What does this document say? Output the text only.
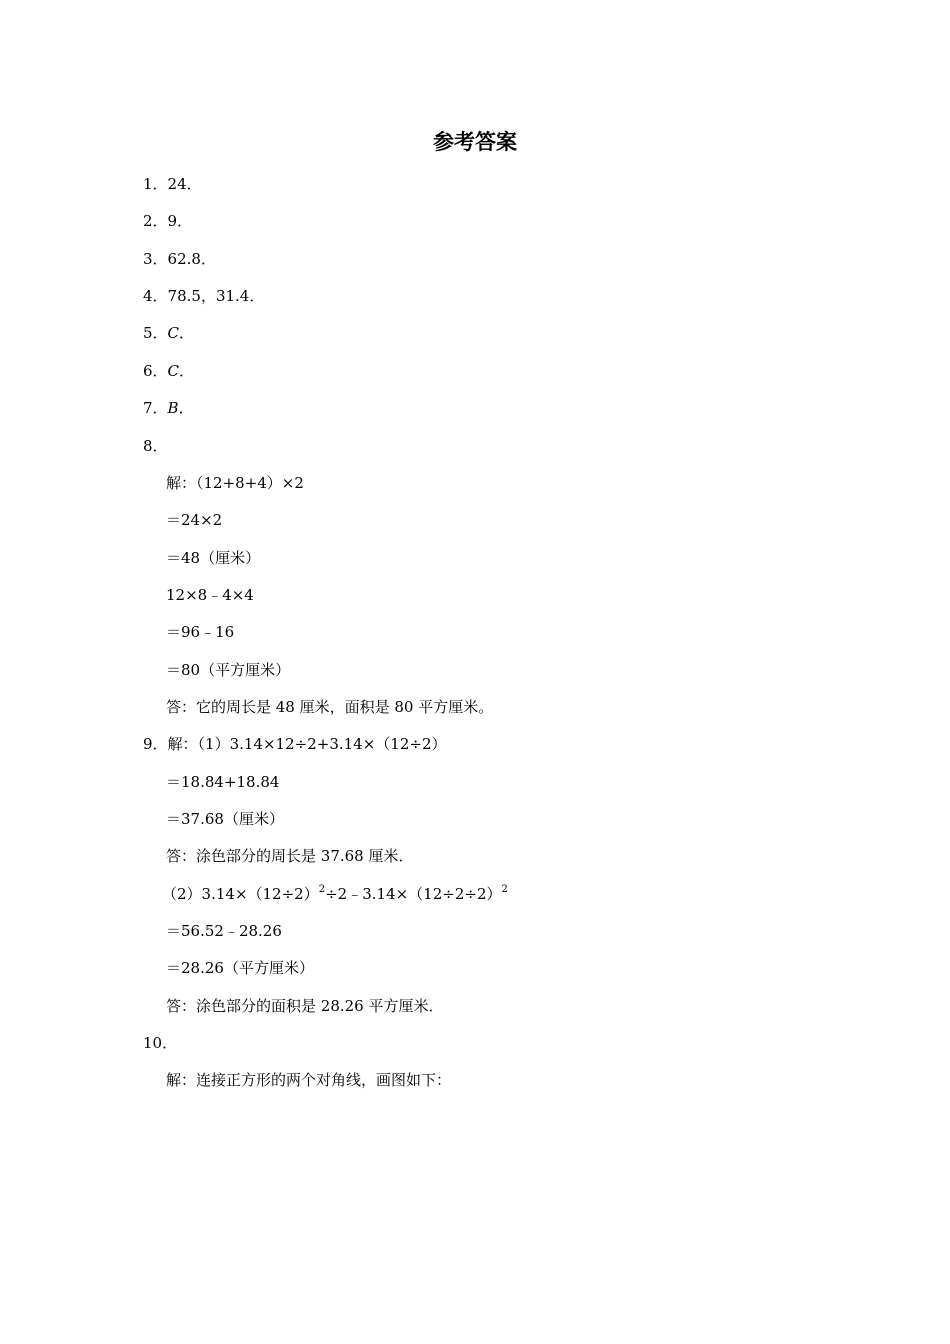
参考答案
1．24．
2．9．
3．62.8．
4．78.5，31.4．
5．C．
6．C．
7．B．
8．
解：（12+8+4）×2
＝24×2
＝48（厘米）
12×8﹣4×4
＝96﹣16
＝80（平方厘米）
答：它的周长是 48 厘米，面积是 80 平方厘米。
9．解：（1）3.14×12÷2+3.14×（12÷2）
＝18.84+18.84
＝37.68（厘米）
答：涂色部分的周长是 37.68 厘米．
$(2)3.14\times(12\div 2)^2\div 2﹣3.14\times(12\div 2\div 2)^2$
＝56.52﹣28.26
＝28.26（平方厘米）
答：涂色部分的面积是 28.26 平方厘米．
10．
解：连接正方形的两个对角线，画图如下：
